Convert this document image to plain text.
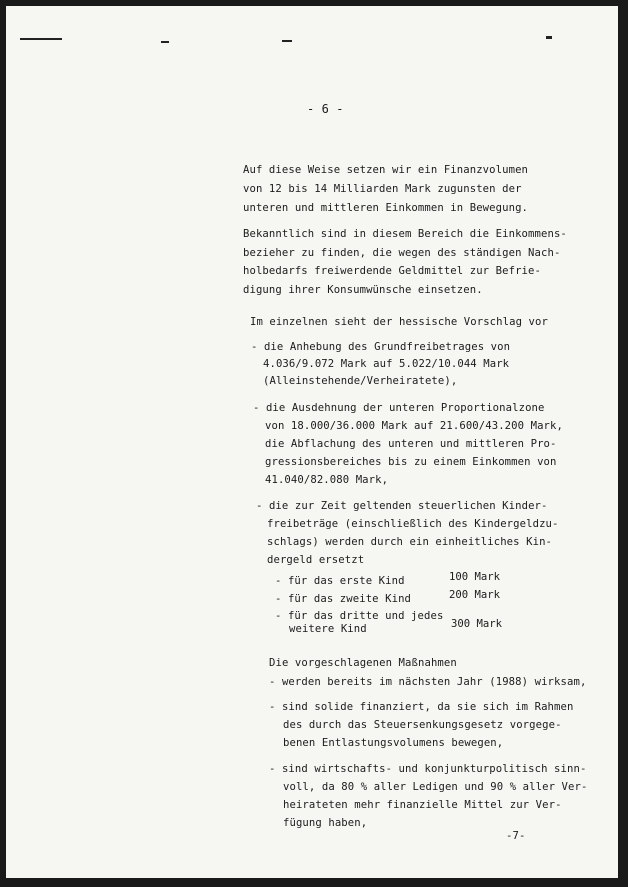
- 6 -
Auf diese Weise setzen wir ein Finanzvolumen
von 12 bis 14 Milliarden Mark zugunsten der
unteren und mittleren Einkommen in Bewegung.
Bekanntlich sind in diesem Bereich die Einkommens-
bezieher zu finden, die wegen des ständigen Nach-
holbedarfs freiwerdende Geldmittel zur Befrie-
digung ihrer Konsumwünsche einsetzen.
Im einzelnen sieht der hessische Vorschlag vor
- die Anhebung des Grundfreibetrages von
4.036/9.072 Mark auf 5.022/10.044 Mark
(Alleinstehende/Verheiratete),
- die Ausdehnung der unteren Proportionalzone
von 18.000/36.000 Mark auf 21.600/43.200 Mark,
die Abflachung des unteren und mittleren Pro-
gressionsbereiches bis zu einem Einkommen von
41.040/82.080 Mark,
- die zur Zeit geltenden steuerlichen Kinder-
freibeträge (einschließlich des Kindergeldzu-
schlags) werden durch ein einheitliches Kin-
dergeld ersetzt
- für das erste Kind	100 Mark
- für das zweite Kind	200 Mark
- für das dritte und jedes
weitere Kind	300 Mark
Die vorgeschlagenen Maßnahmen
- werden bereits im nächsten Jahr (1988) wirksam,
- sind solide finanziert, da sie sich im Rahmen
des durch das Steuersenkungsgesetz vorgege-
benen Entlastungsvolumens bewegen,
- sind wirtschafts- und konjunkturpolitisch sinn-
voll, da 80 % aller Ledigen und 90 % aller Ver-
heirateten mehr finanzielle Mittel zur Ver-
fügung haben,
-7-
